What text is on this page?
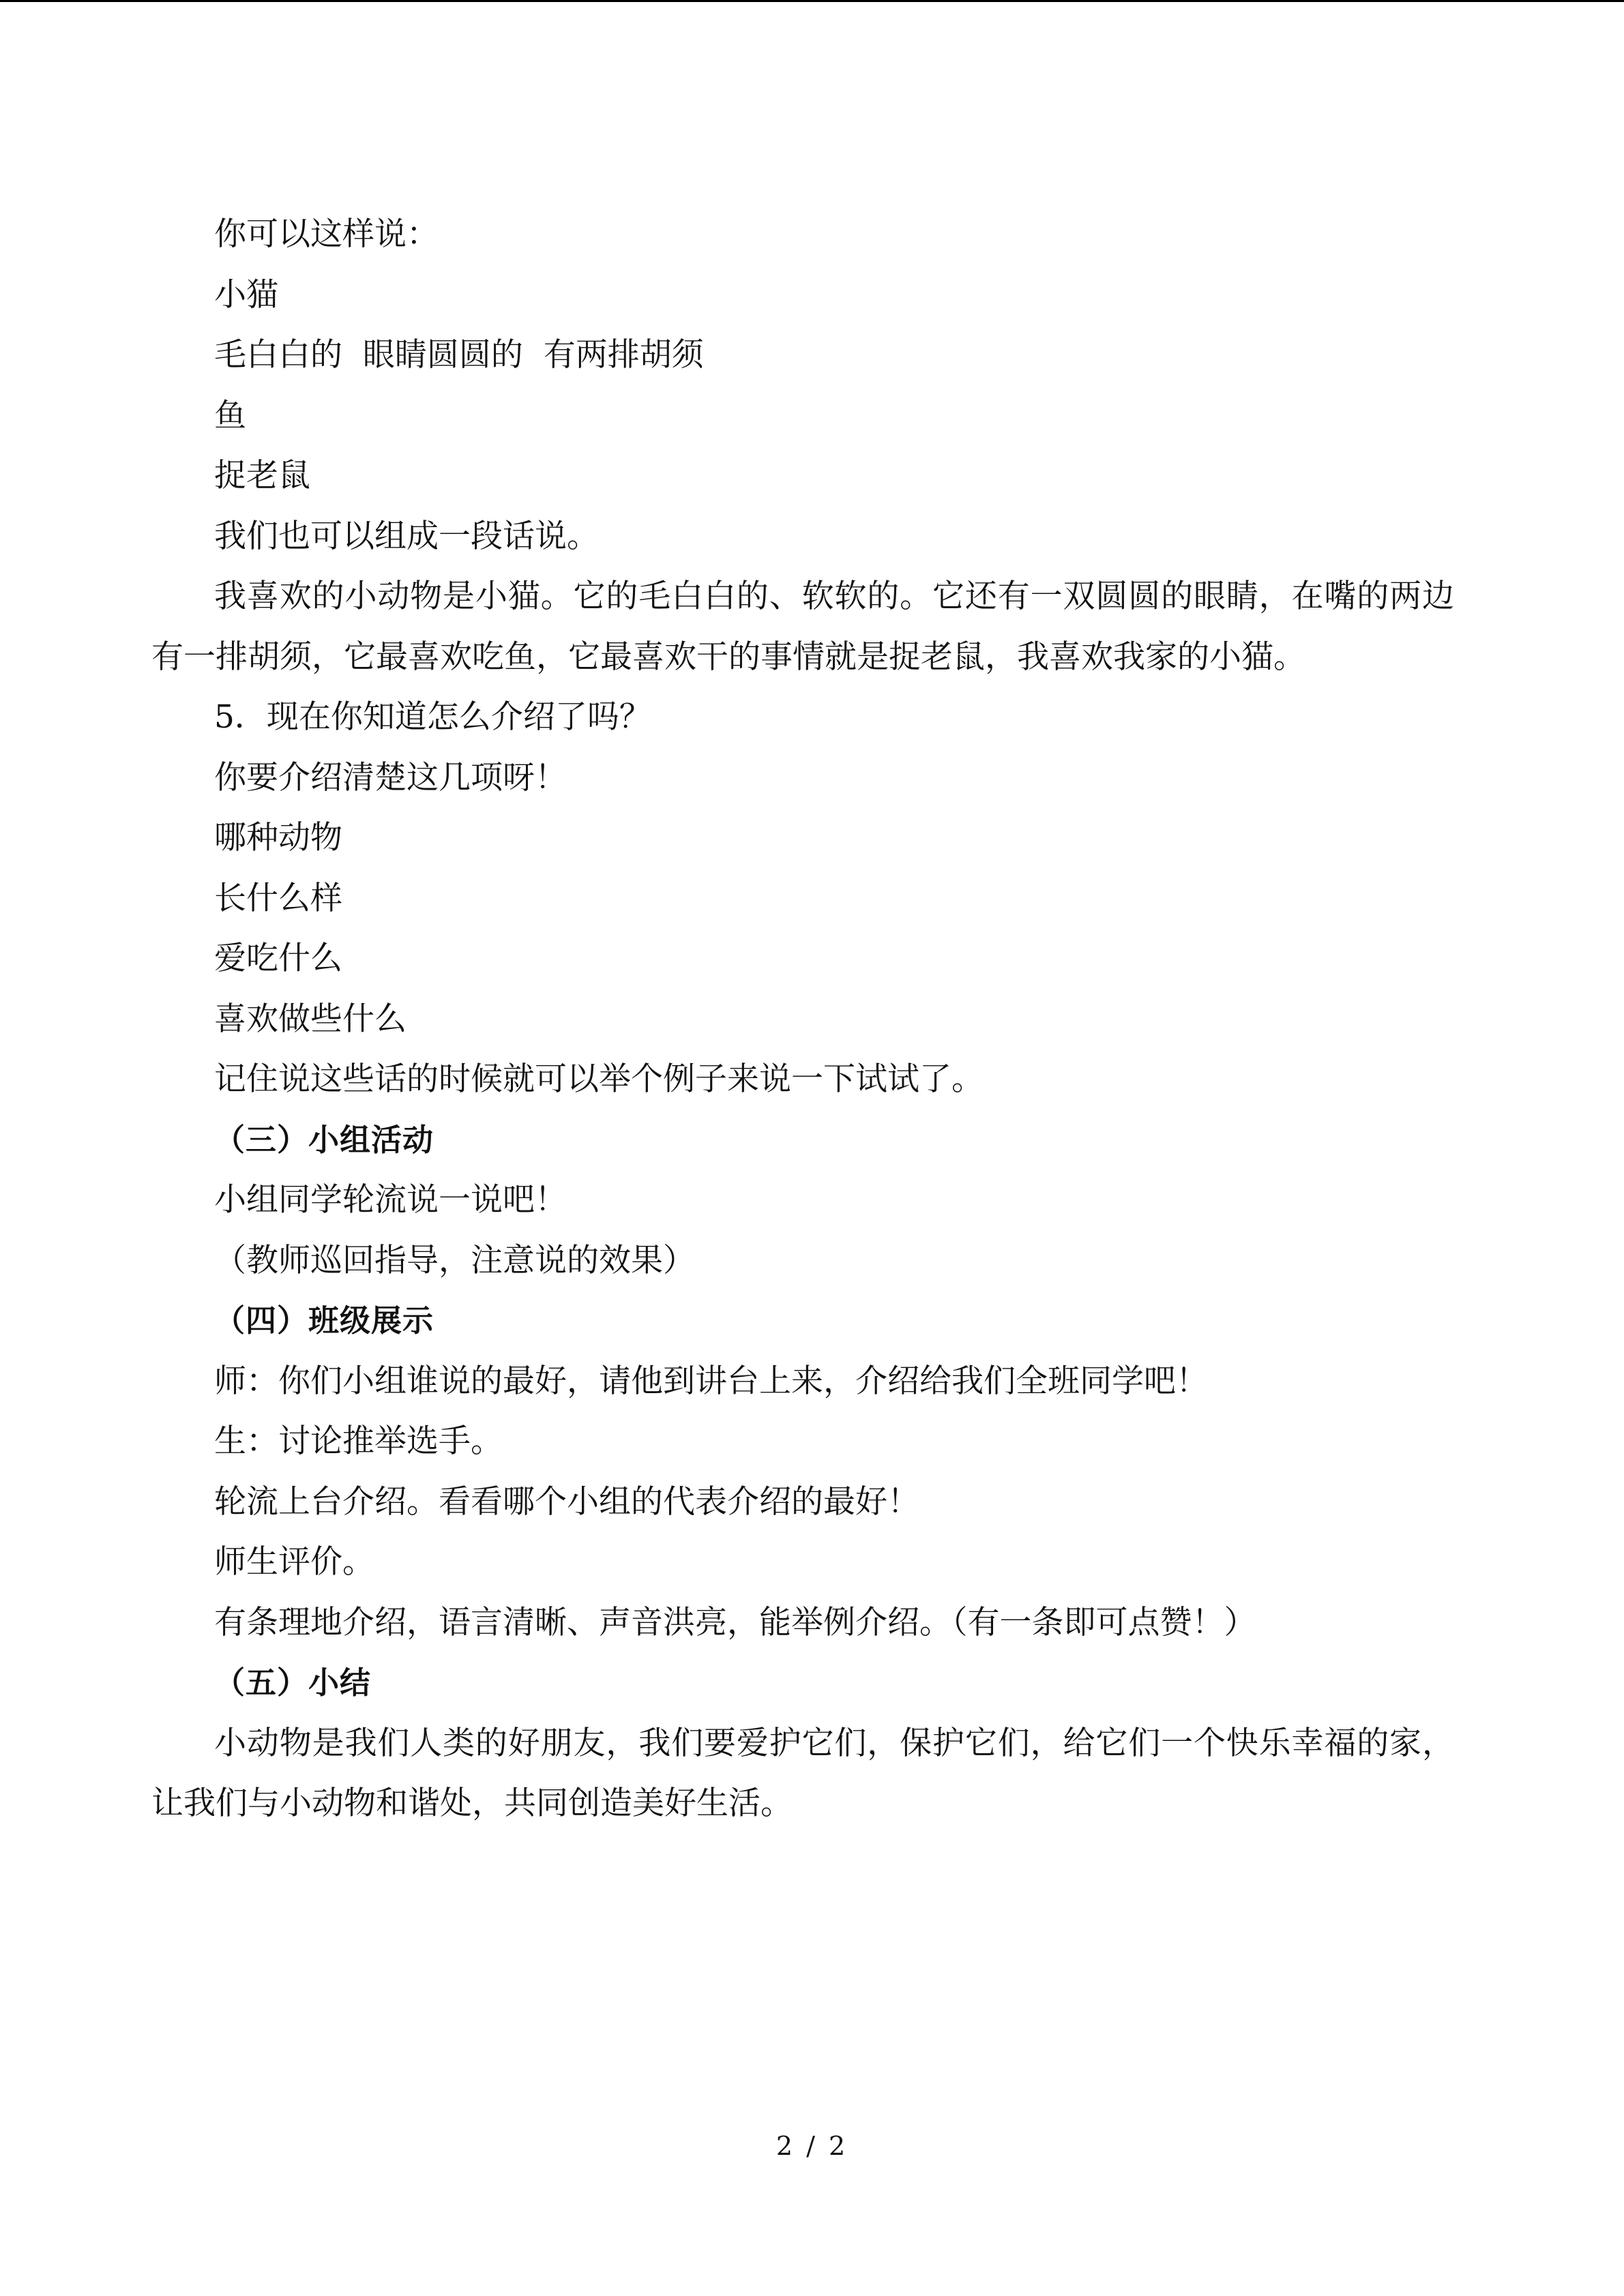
你可以这样说：
小猫
毛白白的  眼睛圆圆的  有两排胡须
鱼
捉老鼠
我们也可以组成一段话说。
我喜欢的小动物是小猫。它的毛白白的、软软的。它还有一双圆圆的眼睛，在嘴的两边有一排胡须，它最喜欢吃鱼，它最喜欢干的事情就是捉老鼠，我喜欢我家的小猫。
5．现在你知道怎么介绍了吗？
你要介绍清楚这几项呀！
哪种动物
长什么样
爱吃什么
喜欢做些什么
记住说这些话的时候就可以举个例子来说一下试试了。
（三）小组活动
小组同学轮流说一说吧！
（教师巡回指导，注意说的效果）
（四）班级展示
师：你们小组谁说的最好，请他到讲台上来，介绍给我们全班同学吧！
生：讨论推举选手。
轮流上台介绍。看看哪个小组的代表介绍的最好！
师生评价。
有条理地介绍，语言清晰、声音洪亮，能举例介绍。（有一条即可点赞！）
（五）小结
小动物是我们人类的好朋友，我们要爱护它们，保护它们，给它们一个快乐幸福的家，让我们与小动物和谐处，共同创造美好生活。
2 / 2
